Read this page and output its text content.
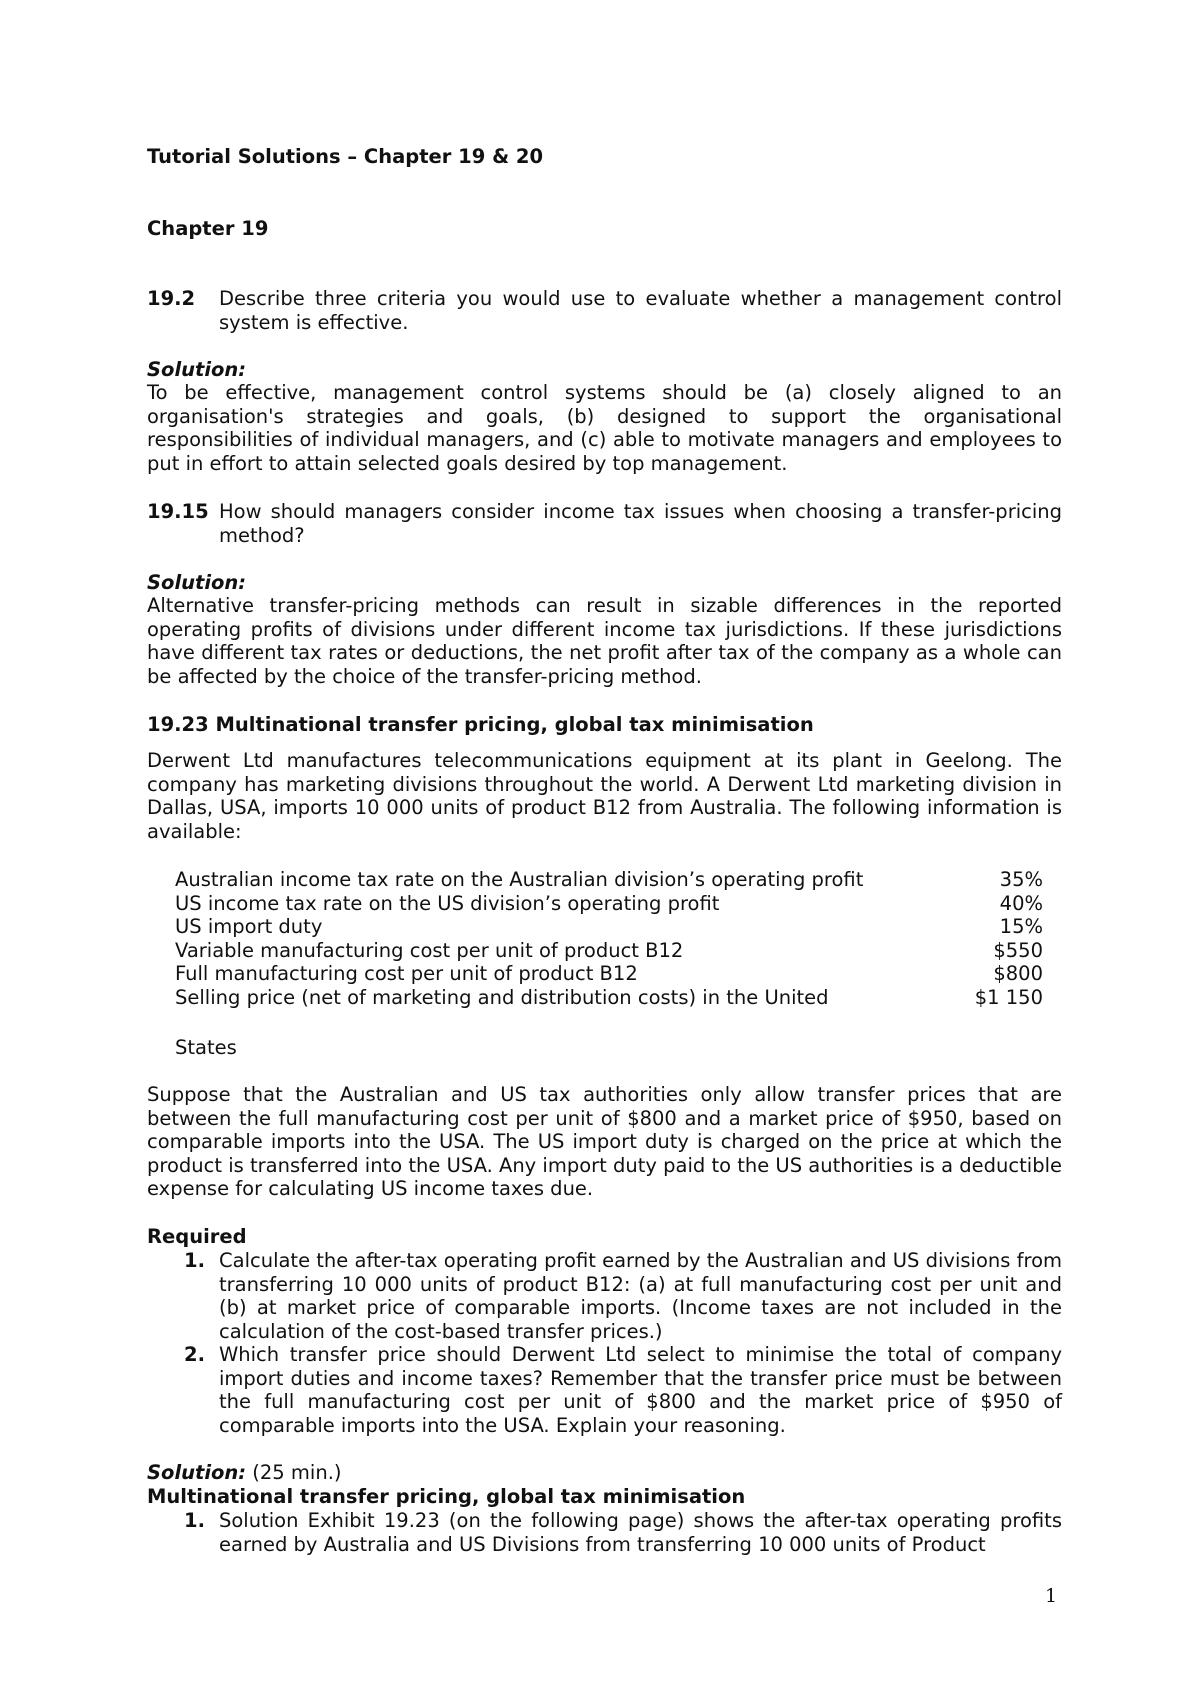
Tutorial Solutions – Chapter 19 & 20
Chapter 19
19.2 Describe three criteria you would use to evaluate whether a management control system is effective.
Solution:
To be effective, management control systems should be (a) closely aligned to an organisation's strategies and goals, (b) designed to support the organisational responsibilities of individual managers, and (c) able to motivate managers and employees to put in effort to attain selected goals desired by top management.
19.15 How should managers consider income tax issues when choosing a transfer-pricing method?
Solution:
Alternative transfer-pricing methods can result in sizable differences in the reported operating profits of divisions under different income tax jurisdictions. If these jurisdictions have different tax rates or deductions, the net profit after tax of the company as a whole can be affected by the choice of the transfer-pricing method.
19.23 Multinational transfer pricing, global tax minimisation
Derwent Ltd manufactures telecommunications equipment at its plant in Geelong. The company has marketing divisions throughout the world. A Derwent Ltd marketing division in Dallas, USA, imports 10 000 units of product B12 from Australia. The following information is available:
Australian income tax rate on the Australian division’s operating profit	35%
US income tax rate on the US division’s operating profit	40%
US import duty	15%
Variable manufacturing cost per unit of product B12	$550
Full manufacturing cost per unit of product B12	$800
Selling price (net of marketing and distribution costs) in the United	$1 150
States
Suppose that the Australian and US tax authorities only allow transfer prices that are between the full manufacturing cost per unit of $800 and a market price of $950, based on comparable imports into the USA. The US import duty is charged on the price at which the product is transferred into the USA. Any import duty paid to the US authorities is a deductible expense for calculating US income taxes due.
Required
1. Calculate the after-tax operating profit earned by the Australian and US divisions from transferring 10 000 units of product B12: (a) at full manufacturing cost per unit and (b) at market price of comparable imports. (Income taxes are not included in the calculation of the cost-based transfer prices.)
2. Which transfer price should Derwent Ltd select to minimise the total of company import duties and income taxes? Remember that the transfer price must be between the full manufacturing cost per unit of $800 and the market price of $950 of comparable imports into the USA. Explain your reasoning.
Solution: (25 min.)
Multinational transfer pricing, global tax minimisation
1. Solution Exhibit 19.23 (on the following page) shows the after-tax operating profits earned by Australia and US Divisions from transferring 10 000 units of Product
1
